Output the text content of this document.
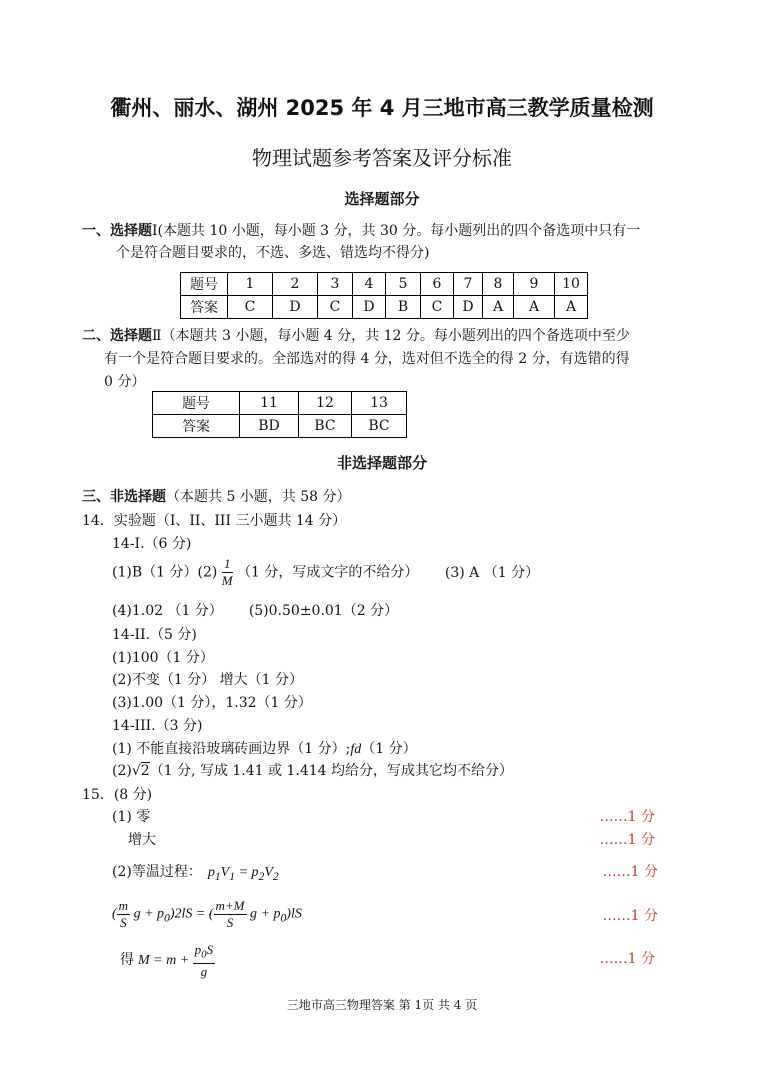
衢州、丽水、湖州 2025 年 4 月三地市高三教学质量检测
物理试题参考答案及评分标准
选择题部分
一、选择题Ⅰ(本题共 10 小题，每小题 3 分，共 30 分。每小题列出的四个备选项中只有一
个是符合题目要求的，不选、多选、错选均不得分)
题号	1	2	3	4	5	6	7	8	9	10
答案	C	D	C	D	B	C	D	A	A	A
二、选择题Ⅱ（本题共 3 小题，每小题 4 分，共 12 分。每小题列出的四个备选项中至少
有一个是符合题目要求的。全部选对的得 4 分，选对但不选全的得 2 分，有选错的得
0 分）
题号	11	12	13
答案	BD	BC	BC
非选择题部分
三、非选择题（本题共 5 小题，共 58 分）
14．实验题（I、II、III 三小题共 14 分）
14-I.（6 分)
(1)B（1 分）$(2) \frac{1}{M} (1$ 分，写成文字的不给分） (3) A （1 分）
(4)1.02 （1 分） (5)0.50±0.01（2 分）
14-II.（5 分)
(1)100（1 分）
(2)不变（1 分） 增大（1 分）
(3)1.00（1 分），1.32（1 分）
14-III.（3 分)
(1) 不能直接沿玻璃砖画边界（1 分）;fd（1 分）
(2)√2（1 分, 写成 1.41 或 1.414 均给分，写成其它均不给分）
15．(8 分)
(1) 零	……1 分
增大	……1 分
(2)等温过程： $p_1V_1 = p_2V_2$	……1 分
( $\frac{m}{S}$ $g + p_0)2lS$ = ( $\frac{m+M}{S}$ $g + p_0)lS$	……1 分
得 $M = m + \frac{p_0S}{g}$	……1 分
三地市高三物理答案 第 1页 共 4 页
